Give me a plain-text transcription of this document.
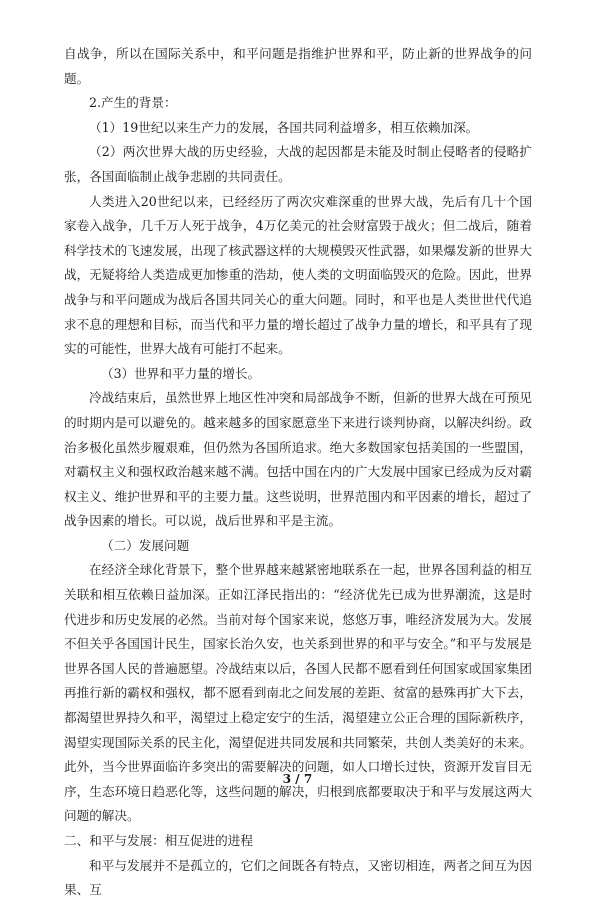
自战争，所以在国际关系中，和平问题是指维护世界和平，防止新的世界战争的问题。

2.产生的背景：

（1）19世纪以来生产力的发展，各国共同利益增多，相互依赖加深。

（2）两次世界大战的历史经验，大战的起因都是未能及时制止侵略者的侵略扩张，各国面临制止战争悲剧的共同责任。

人类进入20世纪以来，已经经历了两次灾难深重的世界大战，先后有几十个国家卷入战争，几千万人死于战争，4万亿美元的社会财富毁于战火；但二战后，随着科学技术的飞速发展，出现了核武器这样的大规模毁灭性武器，如果爆发新的世界大战，无疑将给人类造成更加惨重的浩劫，使人类的文明面临毁灭的危险。因此，世界战争与和平问题成为战后各国共同关心的重大问题。同时，和平也是人类世世代代追求不息的理想和目标，而当代和平力量的增长超过了战争力量的增长，和平具有了现实的可能性，世界大战有可能打不起来。

（3）世界和平力量的增长。

冷战结束后，虽然世界上地区性冲突和局部战争不断，但新的世界大战在可预见的时期内是可以避免的。越来越多的国家愿意坐下来进行谈判协商，以解决纠纷。政治多极化虽然步履艰难，但仍然为各国所追求。绝大多数国家包括美国的一些盟国，对霸权主义和强权政治越来越不满。包括中国在内的广大发展中国家已经成为反对霸权主义、维护世界和平的主要力量。这些说明，世界范围内和平因素的增长，超过了战争因素的增长。可以说，战后世界和平是主流。

（二）发展问题

在经济全球化背景下，整个世界越来越紧密地联系在一起，世界各国利益的相互关联和相互依赖日益加深。正如江泽民指出的：“经济优先已成为世界潮流，这是时代进步和历史发展的必然。当前对每个国家来说，悠悠万事，唯经济发展为大。发展不但关乎各国国计民生，国家长治久安，也关系到世界的和平与安全。”和平与发展是世界各国人民的普遍愿望。冷战结束以后，各国人民都不愿看到任何国家或国家集团再推行新的霸权和强权，都不愿看到南北之间发展的差距、贫富的悬殊再扩大下去，都渴望世界持久和平，渴望过上稳定安宁的生活，渴望建立公正合理的国际新秩序，渴望实现国际关系的民主化，渴望促进共同发展和共同繁荣，共创人类美好的未来。此外，当今世界面临许多突出的需要解决的问题，如人口增长过快，资源开发盲目无序，生态环境日趋恶化等，这些问题的解决，归根到底都要取决于和平与发展这两大问题的解决。

二、和平与发展：相互促进的进程

和平与发展并不是孤立的，它们之间既各有特点，又密切相连，两者之间互为因果、互

3 / 7
